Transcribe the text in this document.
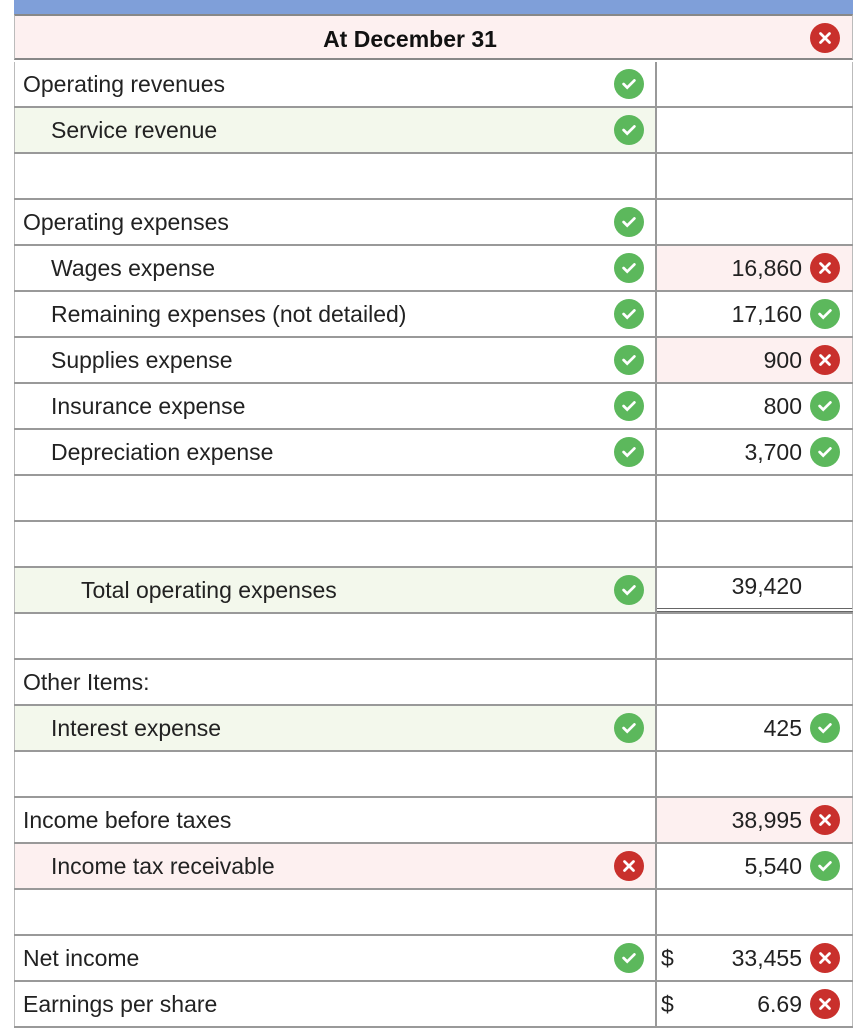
At December 31
Operating revenues
Service revenue
Operating expenses
Wages expense	16,860
Remaining expenses (not detailed)	17,160
Supplies expense	900
Insurance expense	800
Depreciation expense	3,700
Total operating expenses	39,420
Other Items:
Interest expense	425
Income before taxes	38,995
Income tax receivable	5,540
Net income	$	33,455
Earnings per share	$	6.69
